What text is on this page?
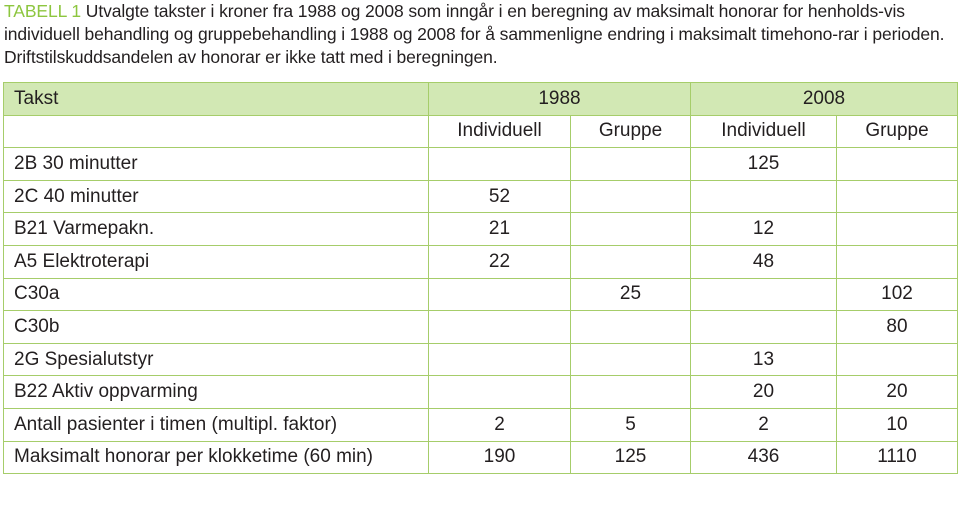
TABELL 1 Utvalgte takster i kroner fra 1988 og 2008 som inngår i en beregning av maksimalt honorar for henholds-vis individuell behandling og gruppebehandling i 1988 og 2008 for å sammenligne endring i maksimalt timehono-rar i perioden. Driftstilskuddsandelen av honorar er ikke tatt med i beregningen.
Takst	1988		2008	
	Individuell	Gruppe	Individuell	Gruppe
2B 30 minutter			125	
2C 40 minutter	52			
B21 Varmepakn.	21		12	
A5 Elektroterapi	22		48	
C30a		25		102
C30b				80
2G Spesialutstyr			13	
B22 Aktiv oppvarming			20	20
Antall pasienter i timen (multipl. faktor)	2	5	2	10
Maksimalt honorar per klokketime (60 min)	190	125	436	1110
